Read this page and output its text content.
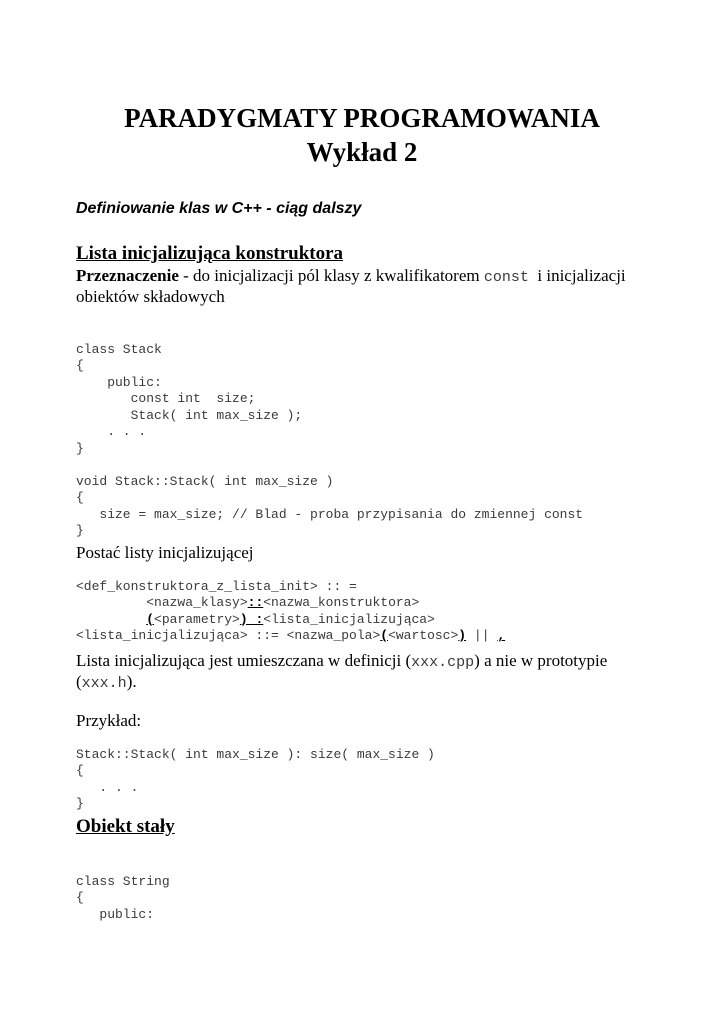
PARADYGMATY PROGRAMOWANIA
Wykład 2
Definiowanie klas w C++ - ciąg dalszy
Lista inicjalizująca konstruktora
Przeznaczenie - do inicjalizacji pól klasy z kwalifikatorem const  i inicjalizacji
obiektów składowych

class Stack
{
public:
const int  size;
Stack( int max_size );
. . .
}

void Stack::Stack( int max_size )
{
size = max_size; // Blad - proba przypisania do zmiennej const
}
Postać listy inicjalizującej

<def_konstruktora_z_lista_init> :: =
<nazwa_klasy>::<nazwa_konstruktora>
(<parametry>) :<lista_inicjalizująca>
<lista_inicjalizująca> ::= <nazwa_pola>(<wartosc>) || ,
Lista inicjalizująca jest umieszczana w definicji (xxx.cpp) a nie w prototypie
(xxx.h).
Przykład:

Stack::Stack( int max_size ): size( max_size )
{
. . .
}
Obiekt stały

class String
{
public:
